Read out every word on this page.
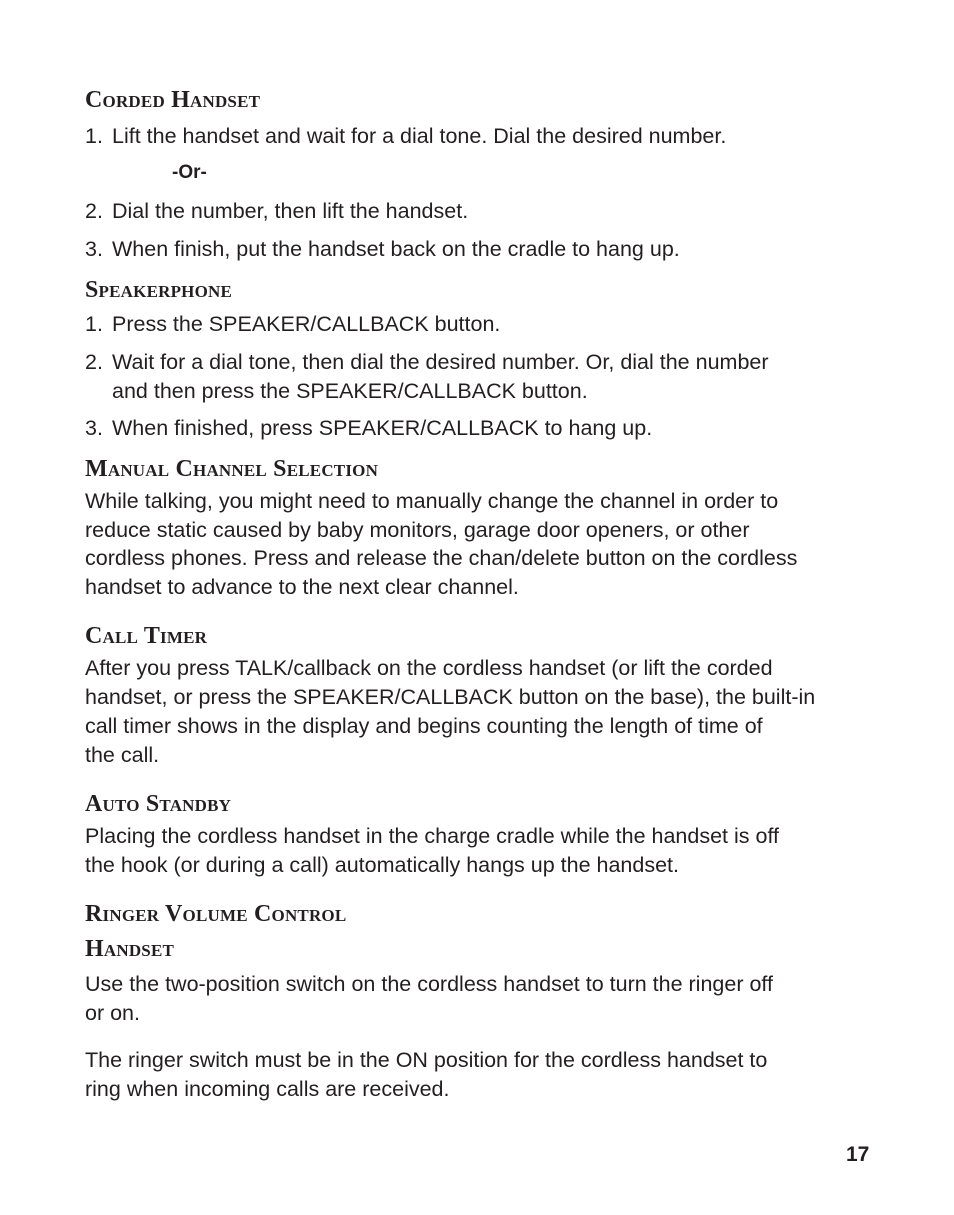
Corded Handset
1. Lift the handset and wait for a dial tone. Dial the desired number.
-Or-
2. Dial the number, then lift the handset.
3. When finish, put the handset back on the cradle to hang up.
Speakerphone
1. Press the SPEAKER/CALLBACK button.
2. Wait for a dial tone, then dial the desired number. Or, dial the number
and then press the SPEAKER/CALLBACK button.
3. When finished, press SPEAKER/CALLBACK to hang up.
Manual Channel Selection

While talking, you might need to manually change the channel in order to

reduce static caused by baby monitors, garage door openers, or other

cordless phones. Press and release the chan/delete button on the cordless

handset to advance to the next clear channel.

Call Timer

After you press TALK/callback on the cordless handset (or lift the corded

handset, or press the SPEAKER/CALLBACK button on the base), the built-in

call timer shows in the display and begins counting the length of time of

the call.

Auto Standby

Placing the cordless handset in the charge cradle while the handset is off

the hook (or during a call) automatically hangs up the handset.

Ringer Volume Control
Handset

Use the two-position switch on the cordless handset to turn the ringer off

or on.

The ringer switch must be in the ON position for the cordless handset to

ring when incoming calls are received.

17
